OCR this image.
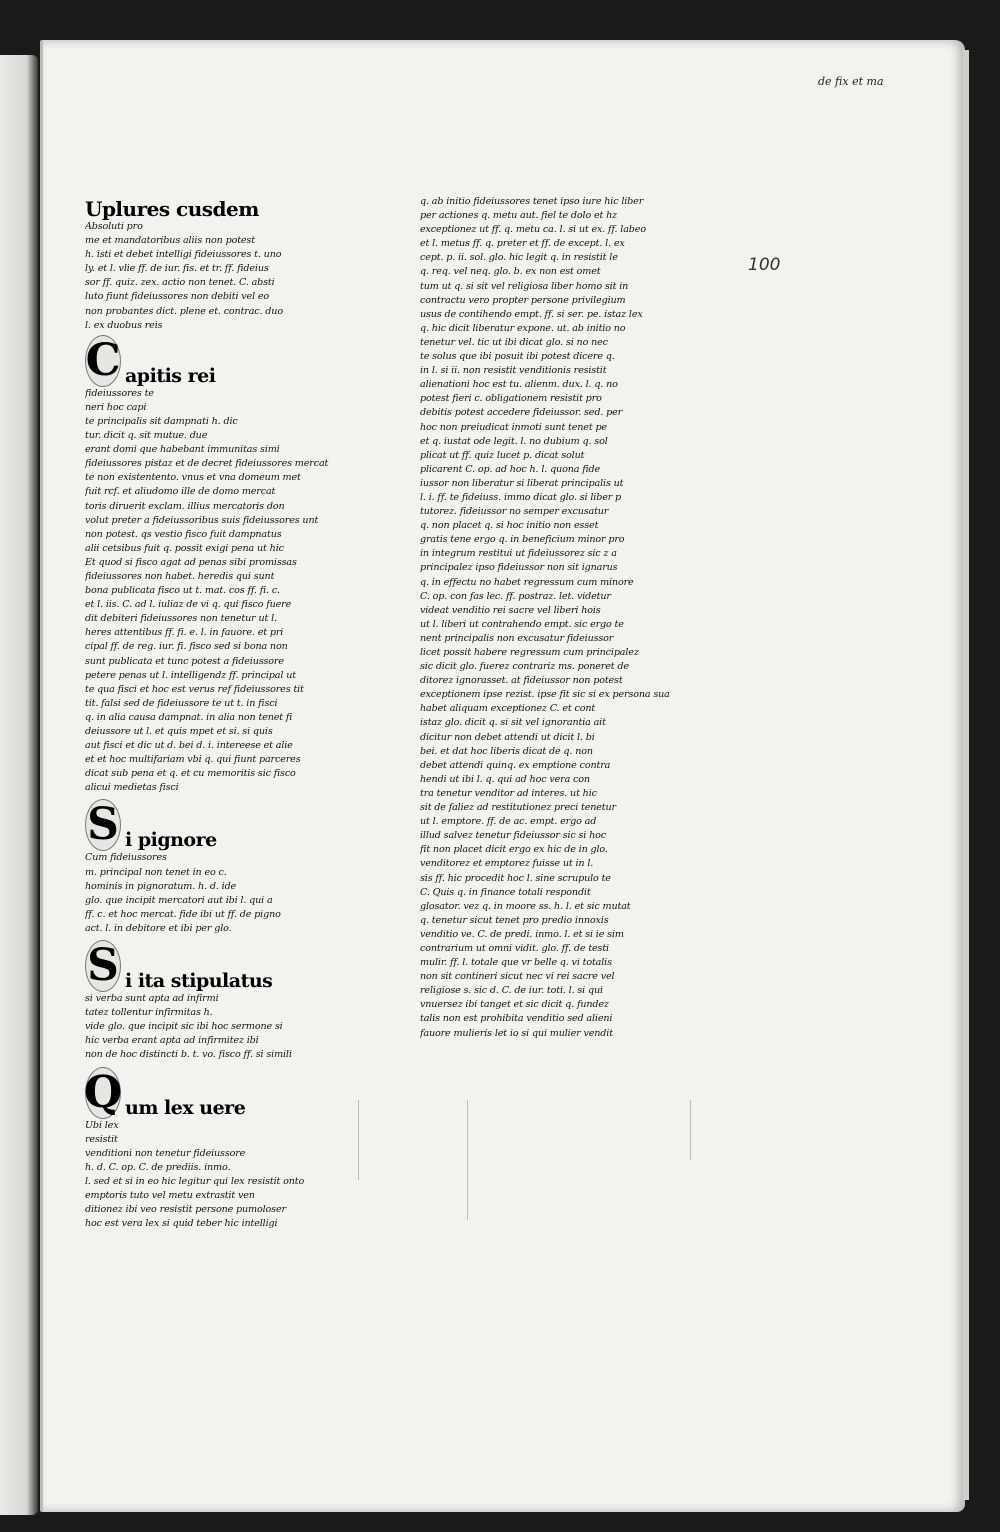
de fix et ma
100
Uplures cusdem
Absoluti pro
me et mandatoribus aliis non potest
h. isti et debet intelligi fideiussores t. uno
ly. et l. vlie ff. de iur. fis. et tr. ff. fideius
sor ff. quiz. zex. actio non tenet. C. absti
luto fiunt fideiussores non debiti vel eo
non probantes dict. plene et. contrac. duo
l. ex duobus reis
C apitis rei
fideiussores te
neri hoc capi
te principalis sit dampnati h. dic
tur. dicit q. sit mutue. due
erant domi que habebant immunitas simi
fideiussores pistaz et de decret fideiussores mercat
te non existentento. vnus et vna domeum met
fuit rcf. et aliudomo ille de domo mercat
toris diruerit exclam. illius mercatoris don
volut preter a fideiussoribus suis fideiussores unt
non potest. qs vestio fisco fuit dampnatus
alii cetsibus fuit q. possit exigi pena ut hic
Et quod si fisco agat ad penas sibi promissas
fideiussores non habet. heredis qui sunt
bona publicata fisco ut t. mat. cos ff. fi. c.
et l. iis. C. ad l. iuliaz de vi q. qui fisco fuere
dit debiteri fideiussores non tenetur ut l.
heres attentibus ff. fi. e. l. in fauore. et pri
cipal ff. de reg. iur. fi. fisco sed si bona non
sunt publicata et tunc potest a fideiussore
petere penas ut l. intelligendz ff. principal ut
te qua fisci et hoc est verus ref fideiussores tit
tit. falsi sed de fideiussore te ut t. in fisci
q. in alia causa dampnat. in alia non tenet fi
deiussore ut l. et quis mpet et si. si quis
aut fisci et dic ut d. bei d. i. intereese et alie
et et hoc multifariam vbi q. qui fiunt parceres
dicat sub pena et q. et cu memoritis sic fisco
alicui medietas fisci
S i pignore
Cum fideiussores
m. principal non tenet in eo c.
hominis in pignoratum. h. d. ide
glo. que incipit mercatori aut ibi l. qui a
ff. c. et hoc mercat. fide ibi ut ff. de pigno
act. l. in debitore et ibi per glo.
S i ita stipulatus
si verba sunt apta ad infirmi
tatez tollentur infirmitas h.
vide glo. que incipit sic ibi hoc sermone si
hic verba erant apta ad infirmitez ibi
non de hoc distincti b. t. vo. fisco ff. si simili
Q um lex uere
Ubi lex
resistit
venditioni non tenetur fideiussore
h. d. C. op. C. de prediis. inmo.
l. sed et si in eo hic legitur qui lex resistit onto
emptoris tuto vel metu extrastit ven
ditionez ibi veo resistit persone pumoloser
hoc est vera lex si quid teber hic intelligi
q. ab initio fideiussores tenet ipso iure hic liber
per actiones q. metu aut. fiel te dolo et hz
exceptionez ut ff. q. metu ca. l. si ut ex. ff. labeo
et l. metus ff. q. preter et ff. de except. l. ex
cept. p. ii. sol. glo. hic legit q. in resistit le
q. req. vel neq. glo. b. ex non est omet
tum ut q. si sit vel religiosa liber homo sit in
contractu vero propter persone privilegium
usus de contihendo empt. ff. si ser. pe. istaz lex
q. hic dicit liberatur expone. ut. ab initio no
tenetur vel. tic ut ibi dicat glo. si no nec
te solus que ibi posuit ibi potest dicere q.
in l. si ii. non resistit venditionis resistit
alienationi hoc est tu. alienm. dux. l. q. no
potest fieri c. obligationem resistit pro
debitis potest accedere fideiussor. sed. per
hoc non preiudicat inmoti sunt tenet pe
et q. iustat ode legit. l. no dubium q. sol
plicat ut ff. quiz lucet p. dicat solut
plicarent C. op. ad hoc h. l. quona fide
iussor non liberatur si liberat principalis ut
l. i. ff. te fideiuss. immo dicat glo. si liber p
tutorez. fideiussor no semper excusatur
q. non placet q. si hoc initio non esset
gratis tene ergo q. in beneficium minor pro
in integrum restitui ut fideiussorez sic z a
principalez ipso fideiussor non sit ignarus
q. in effectu no habet regressum cum minore
C. op. con fas lec. ff. postraz. let. videtur
videat venditio rei sacre vel liberi hois
ut l. liberi ut contrahendo empt. sic ergo te
nent principalis non excusatur fideiussor
licet possit habere regressum cum principalez
sic dicit glo. fuerez contrariz ms. poneret de
ditorez ignorasset. at fideiussor non potest
exceptionem ipse rezist. ipse fit sic si ex persona sua
habet aliquam exceptionez C. et cont
istaz glo. dicit q. si sit vel ignorantia ait
dicitur non debet attendi ut dicit l. bi
bei. et dat hoc liberis dicat de q. non
debet attendi quinq. ex emptione contra
hendi ut ibi l. q. qui ad hoc vera con
tra tenetur venditor ad interes. ut hic
sit de faliez ad restitutionez preci tenetur
ut l. emptore. ff. de ac. empt. ergo ad
illud salvez tenetur fideiussor sic si hoc
fit non placet dicit ergo ex hic de in glo.
venditorez et emptorez fuisse ut in l.
sis ff. hic procedit hoc l. sine scrupulo te
C. Quis q. in finance totali respondit
glosator. vez q. in moore ss. h. l. et sic mutat
q. tenetur sicut tenet pro predio innoxis
venditio ve. C. de predi. inmo. l. et si ie sim
contrarium ut omni vidit. glo. ff. de testi
mulir. ff. l. totale que vr belle q. vi totalis
non sit contineri sicut nec vi rei sacre vel
religiose s. sic d. C. de iur. toti. l. si qui
vnuersez ibi tanget et sic dicit q. fundez
talis non est prohibita venditio sed alieni
fauore mulieris let io si qui mulier vendit
